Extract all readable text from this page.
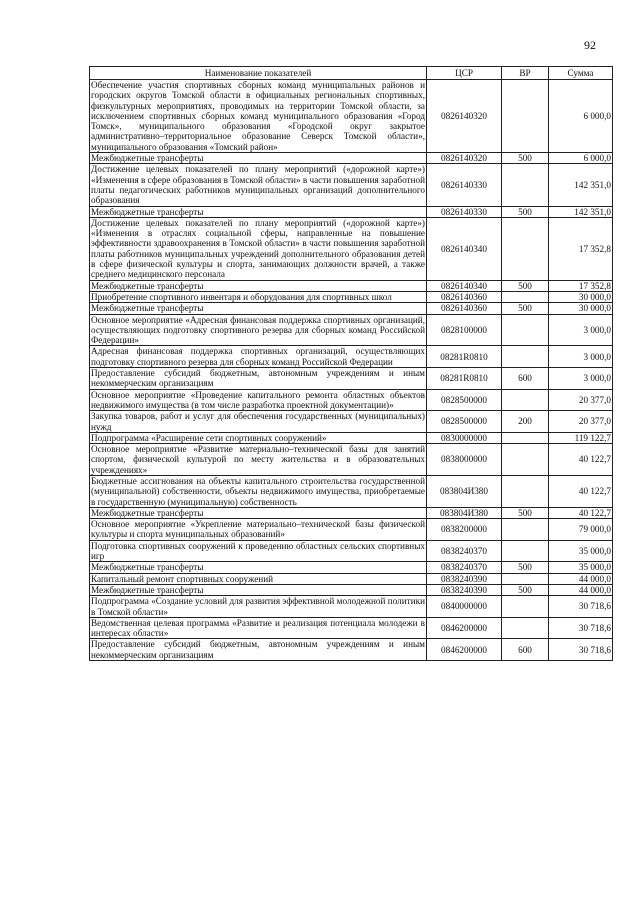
92
Наименование показателей	ЦСР	ВР	Сумма
Обеспечение участия спортивных сборных команд муниципальных районов и городских округов Томской области в официальных региональных спортивных, физкультурных мероприятиях, проводимых на территории Томской области, за исключением спортивных сборных команд муниципального образования «Город Томск», муниципального образования «Городской округ закрытое административно–территориальное образование Северск Томской области», муниципального образования «Томский район»	0826140320		6 000,0
Межбюджетные трансферты	0826140320	500	6 000,0
Достижение целевых показателей по плану мероприятий («дорожной карте») «Изменения в сфере образования в Томской области» в части повышения заработной платы педагогических работников муниципальных организаций дополнительного образования	0826140330		142 351,0
Межбюджетные трансферты	0826140330	500	142 351,0
Достижение целевых показателей по плану мероприятий («дорожной карте») «Изменения в отраслях социальной сферы, направленные на повышение эффективности здравоохранения в Томской области» в части повышения заработной платы работников муниципальных учреждений дополнительного образования детей в сфере физической культуры и спорта, занимающих должности врачей, а также среднего медицинского персонала	0826140340		17 352,8
Межбюджетные трансферты	0826140340	500	17 352,8
Приобретение спортивного инвентаря и оборудования для спортивных школ	0826140360		30 000,0
Межбюджетные трансферты	0826140360	500	30 000,0
Основное мероприятие «Адресная финансовая поддержка спортивных организаций, осуществляющих подготовку спортивного резерва для сборных команд Российской Федерации»	0828100000		3 000,0
Адресная финансовая поддержка спортивных организаций, осуществляющих подготовку спортивного резерва для сборных команд Российской Федерации	08281R0810		3 000,0
Предоставление субсидий бюджетным, автономным учреждениям и иным некоммерческим организациям	08281R0810	600	3 000,0
Основное мероприятие «Проведение капитального ремонта областных объектов недвижимого имущества (в том числе разработка проектной документации)»	0828500000		20 377,0
Закупка товаров, работ и услуг для обеспечения государственных (муниципальных) нужд	0828500000	200	20 377,0
Подпрограмма «Расширение сети спортивных сооружений»	0830000000		119 122,7
Основное мероприятие «Развитие материально–технической базы для занятий спортом, физической культурой по месту жительства и в образовательных учреждениях»	0838000000		40 122,7
Бюджетные ассигнования на объекты капитального строительства государственной (муниципальной) собственности, объекты недвижимого имущества, приобретаемые в государственную (муниципальную) собственность	083804И380		40 122,7
Межбюджетные трансферты	083804И380	500	40 122,7
Основное мероприятие «Укрепление материально–технической базы физической культуры и спорта муниципальных образований»	0838200000		79 000,0
Подготовка спортивных сооружений к проведению областных сельских спортивных игр	0838240370		35 000,0
Межбюджетные трансферты	0838240370	500	35 000,0
Капитальный ремонт спортивных сооружений	0838240390		44 000,0
Межбюджетные трансферты	0838240390	500	44 000,0
Подпрограмма «Создание условий для развития эффективной молодежной политики в Томской области»	0840000000		30 718,6
Ведомственная целевая программа «Развитие и реализация потенциала молодежи в интересах области»	0846200000		30 718,6
Предоставление субсидий бюджетным, автономным учреждениям и иным некоммерческим организациям	0846200000	600	30 718,6
